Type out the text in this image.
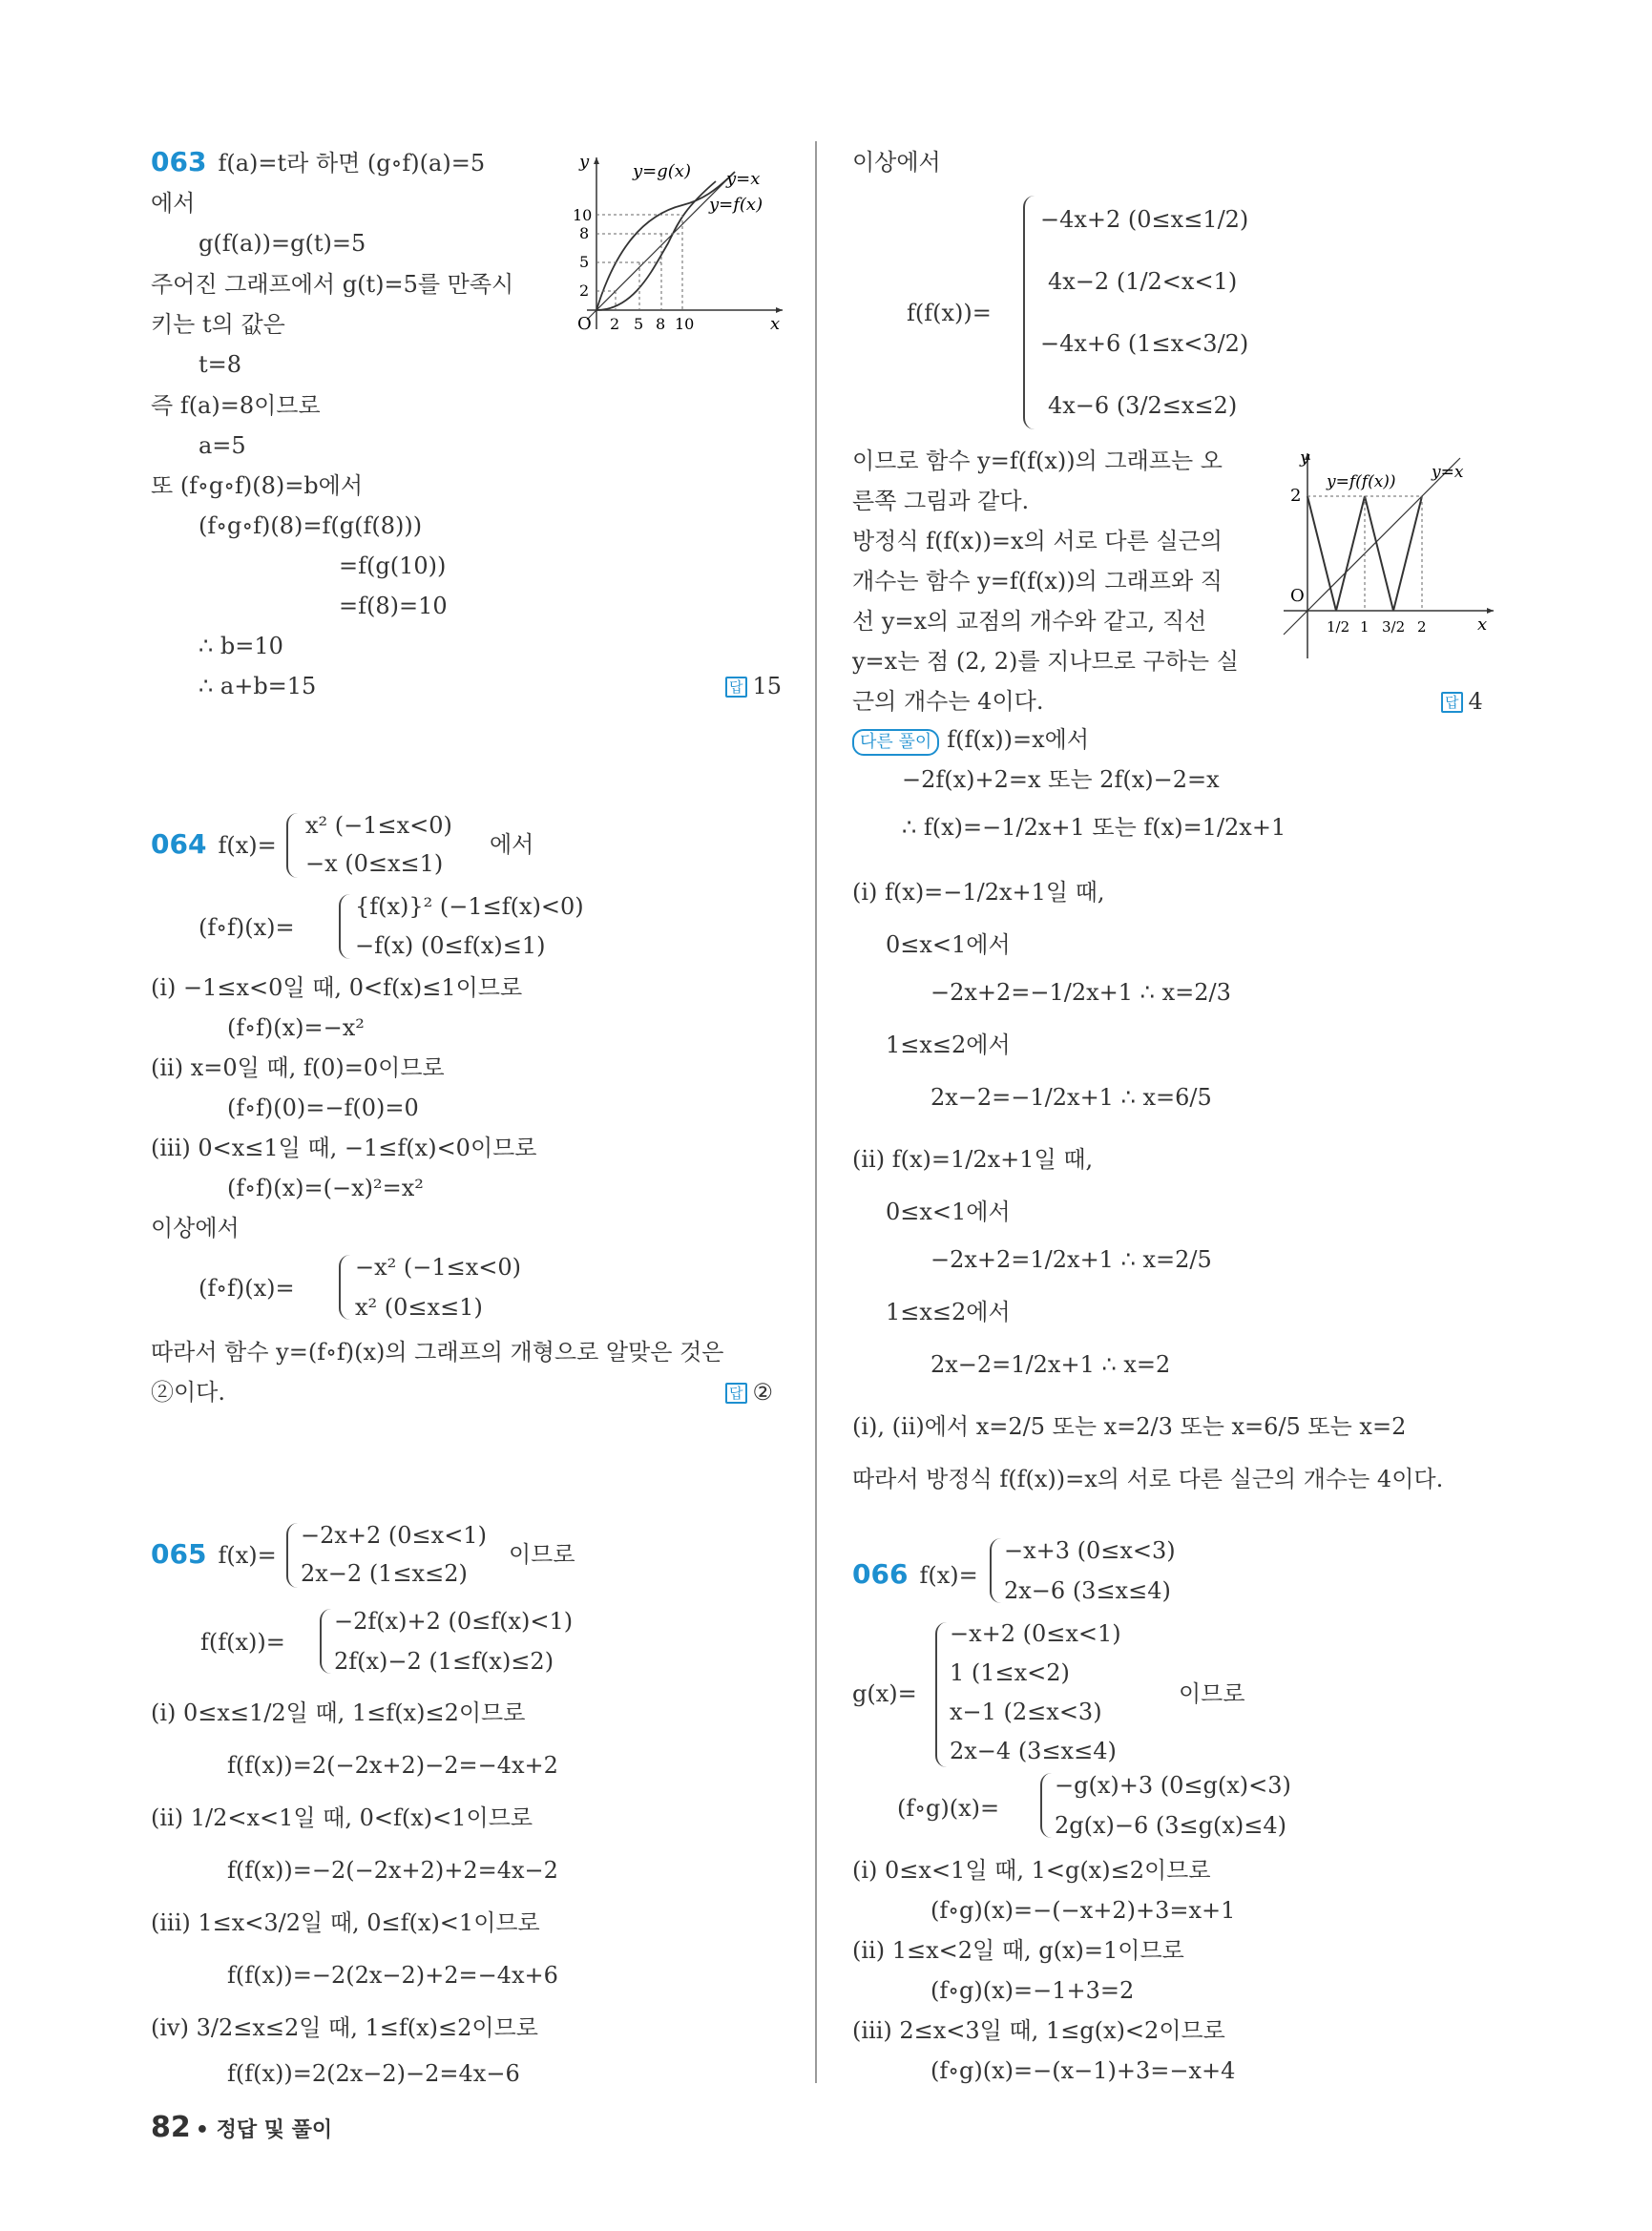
063 f(a)=t라 하면 (g∘f)(a)=5
에서
g(f(a))=g(t)=5
주어진 그래프에서 g(t)=5를 만족시
키는 t의 값은
t=8
즉 f(a)=8이므로
a=5
또 (f∘g∘f)(8)=b에서
(f∘g∘f)(8)=f(g(f(8)))
=f(g(10))
=f(8)=10
∴ b=10
∴ a+b=15	답 15
y
x
O
y=g(x) y=x
y=f(x)
10
8
5
2
2 5 8 10
064 f(x)=
x² (−1≤x<0)
−x (0≤x≤1)
에서
(f∘f)(x)=
{f(x)}² (−1≤f(x)<0)
−f(x) (0≤f(x)≤1)
(i) −1≤x<0일 때, 0<f(x)≤1이므로
(f∘f)(x)=−x²
(ii) x=0일 때, f(0)=0이므로
(f∘f)(0)=−f(0)=0
(iii) 0<x≤1일 때, −1≤f(x)<0이므로
(f∘f)(x)=(−x)²=x²
이상에서
(f∘f)(x)=
−x² (−1≤x<0)
x² (0≤x≤1)
따라서 함수 y=(f∘f)(x)의 그래프의 개형으로 알맞은 것은
②이다.	답 ②
065 f(x)=
−2x+2 (0≤x<1)
2x−2 (1≤x≤2)
이므로
f(f(x))=
−2f(x)+2 (0≤f(x)<1)
2f(x)−2 (1≤f(x)≤2)
(i) 0≤x≤1/2일 때, 1≤f(x)≤2이므로
f(f(x))=2(−2x+2)−2=−4x+2
(ii) 1/2<x<1일 때, 0<f(x)<1이므로
f(f(x))=−2(−2x+2)+2=4x−2
(iii) 1≤x<3/2일 때, 0≤f(x)<1이므로
f(f(x))=−2(2x−2)+2=−4x+6
(iv) 3/2≤x≤2일 때, 1≤f(x)≤2이므로
f(f(x))=2(2x−2)−2=4x−6
이상에서
f(f(x))=
−4x+2 (0≤x≤1/2)
4x−2 (1/2<x<1)
−4x+6 (1≤x<3/2)
4x−6 (3/2≤x≤2)
이므로 함수 y=f(f(x))의 그래프는 오
른쪽 그림과 같다.
방정식 f(f(x))=x의 서로 다른 실근의
개수는 함수 y=f(f(x))의 그래프와 직
선 y=x의 교점의 개수와 같고, 직선
y=x는 점 (2, 2)를 지나므로 구하는 실
근의 개수는 4이다.	답 4
y
x
O
2
y=f(f(x)) y=x
1/2 1 3/2 2
다른 풀이 f(f(x))=x에서
−2f(x)+2=x 또는 2f(x)−2=x
∴ f(x)=−1/2x+1 또는 f(x)=1/2x+1
(i) f(x)=−1/2x+1일 때,
0≤x<1에서
−2x+2=−1/2x+1 ∴ x=2/3
1≤x≤2에서
2x−2=−1/2x+1 ∴ x=6/5
(ii) f(x)=1/2x+1일 때,
0≤x<1에서
−2x+2=1/2x+1 ∴ x=2/5
1≤x≤2에서
2x−2=1/2x+1 ∴ x=2
(i), (ii)에서 x=2/5 또는 x=2/3 또는 x=6/5 또는 x=2
따라서 방정식 f(f(x))=x의 서로 다른 실근의 개수는 4이다.
066 f(x)=
−x+3 (0≤x<3)
2x−6 (3≤x≤4)
g(x)=
−x+2 (0≤x<1)
1 (1≤x<2)
x−1 (2≤x<3)
2x−4 (3≤x≤4)
이므로
(f∘g)(x)=
−g(x)+3 (0≤g(x)<3)
2g(x)−6 (3≤g(x)≤4)
(i) 0≤x<1일 때, 1<g(x)≤2이므로
(f∘g)(x)=−(−x+2)+3=x+1
(ii) 1≤x<2일 때, g(x)=1이므로
(f∘g)(x)=−1+3=2
(iii) 2≤x<3일 때, 1≤g(x)<2이므로
(f∘g)(x)=−(x−1)+3=−x+4
82 • 정답 및 풀이
